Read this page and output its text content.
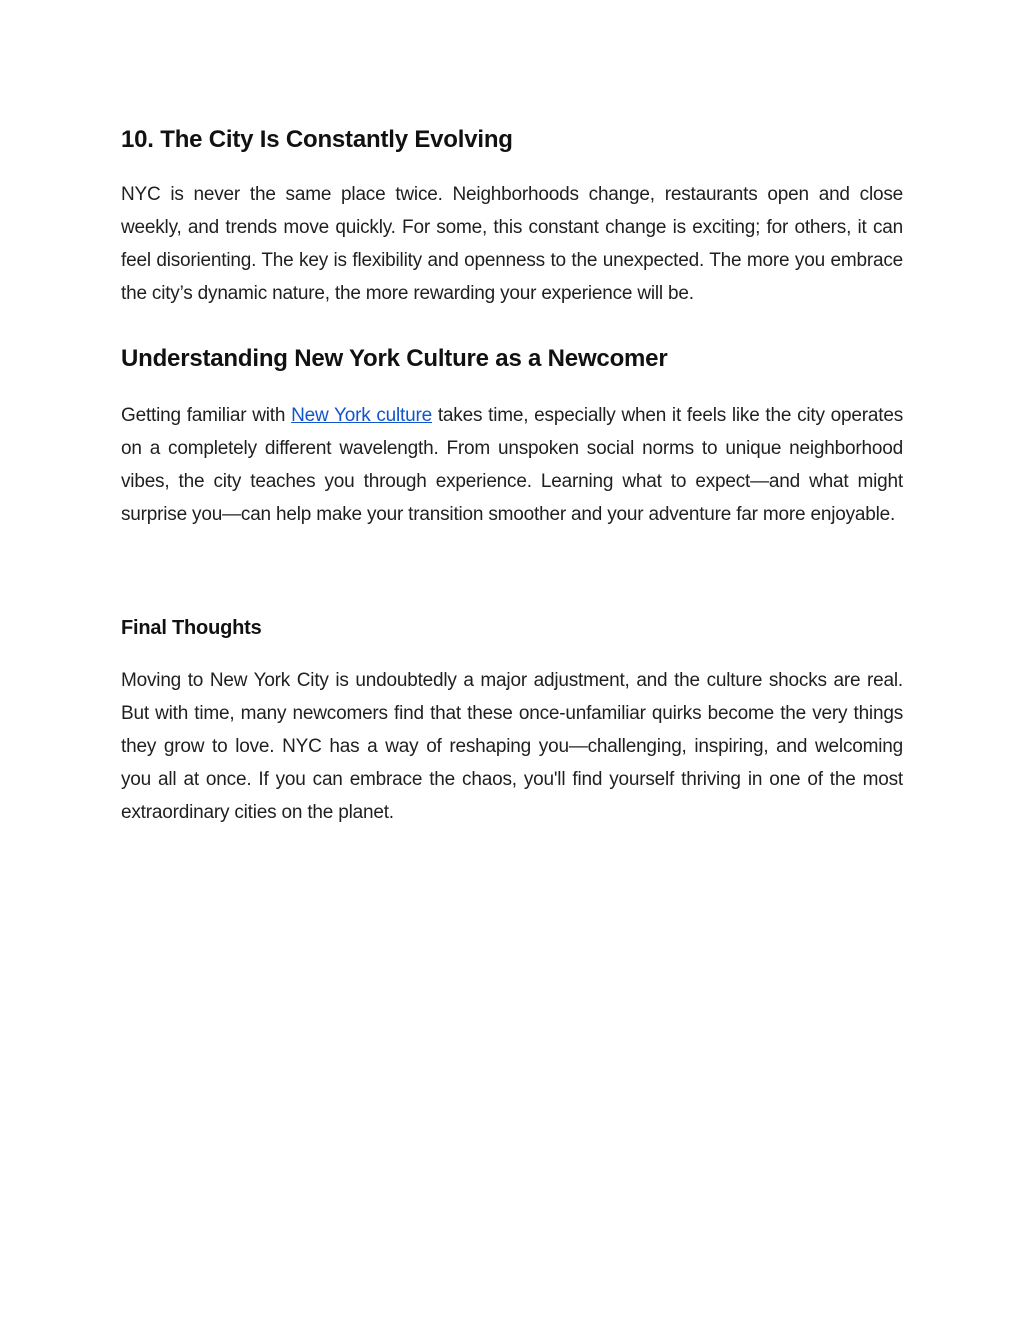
10. The City Is Constantly Evolving

NYC is never the same place twice. Neighborhoods change, restaurants open and close weekly, and trends move quickly. For some, this constant change is exciting; for others, it can feel disorienting. The key is flexibility and openness to the unexpected. The more you embrace the city’s dynamic nature, the more rewarding your experience will be.

Understanding New York Culture as a Newcomer

Getting familiar with New York culture takes time, especially when it feels like the city operates on a completely different wavelength. From unspoken social norms to unique neighborhood vibes, the city teaches you through experience. Learning what to expect—and what might surprise you—can help make your transition smoother and your adventure far more enjoyable.

Final Thoughts

Moving to New York City is undoubtedly a major adjustment, and the culture shocks are real. But with time, many newcomers find that these once-unfamiliar quirks become the very things they grow to love. NYC has a way of reshaping you—challenging, inspiring, and welcoming you all at once. If you can embrace the chaos, you'll find yourself thriving in one of the most extraordinary cities on the planet.
